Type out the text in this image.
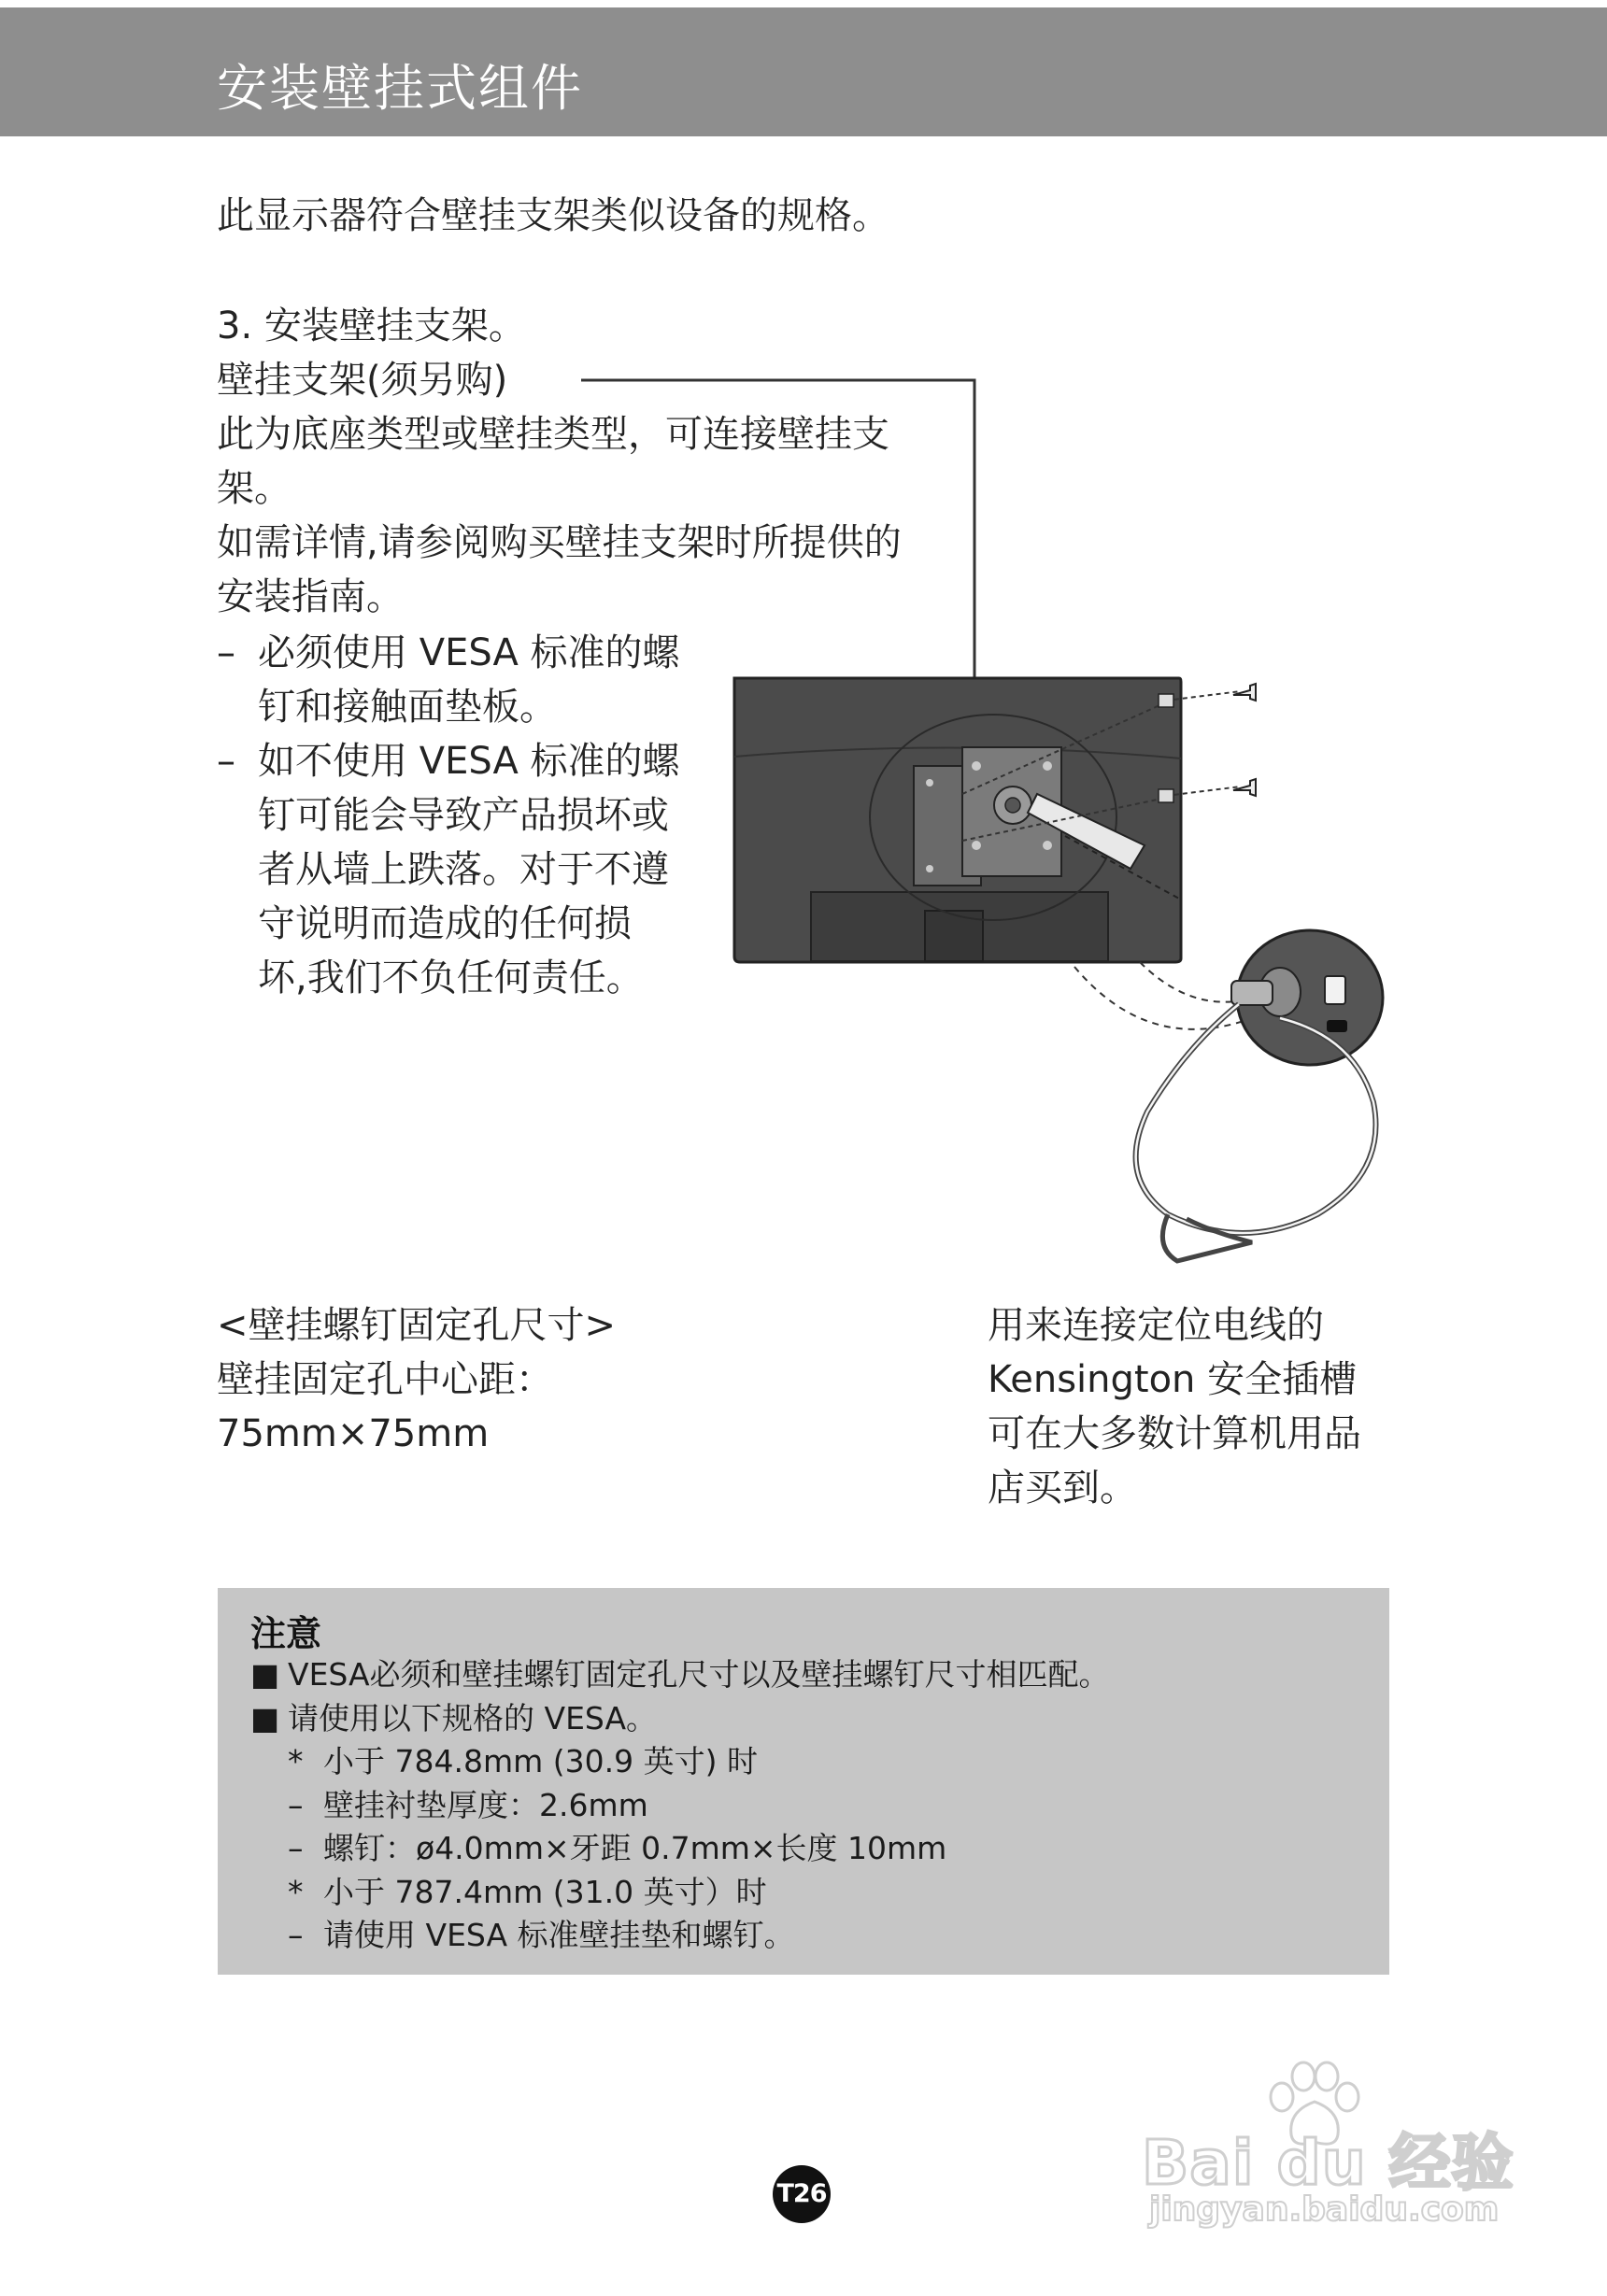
安装壁挂式组件
此显示器符合壁挂支架类似设备的规格。
3. 安装壁挂支架。
壁挂支架(须另购)
此为底座类型或壁挂类型，可连接壁挂支
架。
如需详情,请参阅购买壁挂支架时所提供的
安装指南。
– 必须使用 VESA 标准的螺
钉和接触面垫板。
– 如不使用 VESA 标准的螺
钉可能会导致产品损坏或
者从墙上跌落。对于不遵
守说明而造成的任何损
坏,我们不负任何责任。
<壁挂螺钉固定孔尺寸>
壁挂固定孔中心距：
75mm×75mm
用来连接定位电线的
Kensington 安全插槽
可在大多数计算机用品
店买到。
注意
■ VESA必须和壁挂螺钉固定孔尺寸以及壁挂螺钉尺寸相匹配。
■ 请使用以下规格的 VESA。
* 小于 784.8mm (30.9 英寸) 时
– 壁挂衬垫厚度：2.6mm
– 螺钉：ø4.0mm×牙距 0.7mm×长度 10mm
* 小于 787.4mm (31.0 英寸）时
– 请使用 VESA 标准壁挂垫和螺钉。
T26	Bai du 经验
jingyan.baidu.com
